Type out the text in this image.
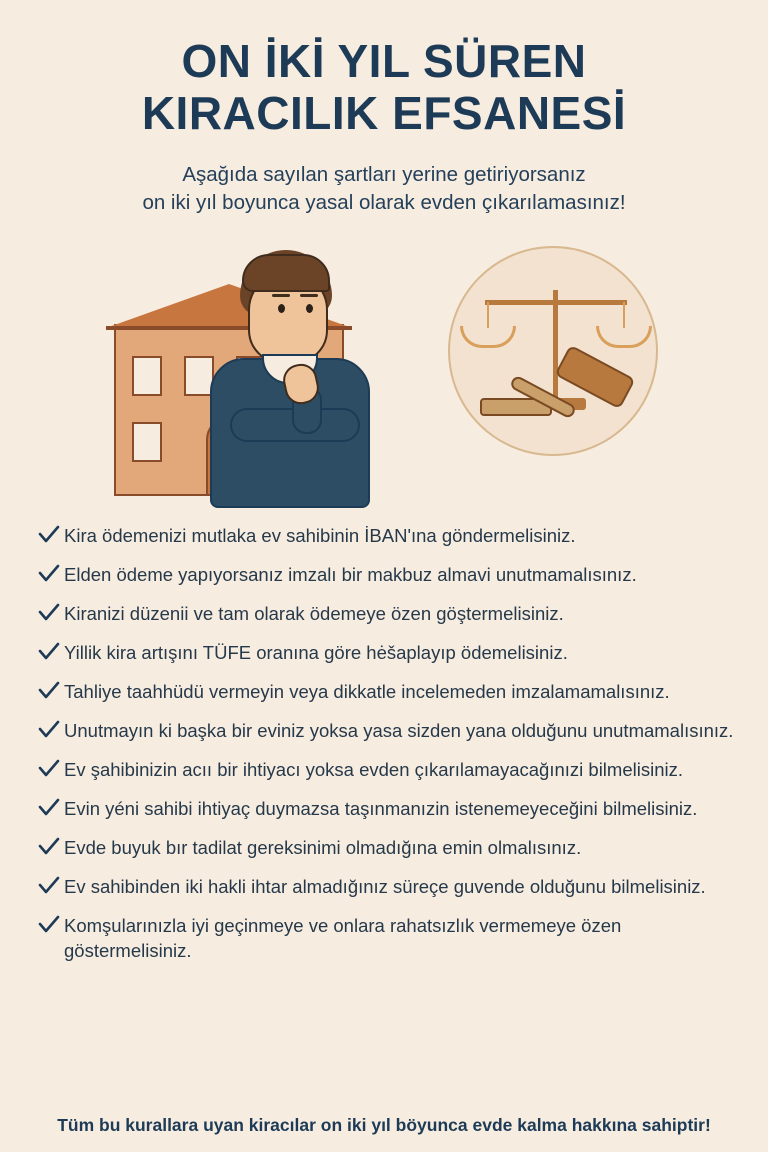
ON İKİ YIL SÜREN
KIRACILIK EFSANESİ
Aşağıda sayılan şartları yerine getiriyorsanız
on iki yıl boyunca yasal olarak evden çıkarılamasınız!
Kira ödemenizi mutlaka ev sahibinin İBAN'ına göndermelisiniz.
Elden ödeme yapıyorsanız imzalı bir makbuz almavi unutmamalısınız.
Kiranizi düzenii ve tam olarak ödemeye özen göştermelisiniz.
Yillik kira artışını TÜFE oranına göre hėšaplayıp ödemelisiniz.
Tahliye taahhüdü vermeyin veya dikkatle incelemeden imzalamamalısınız.
Unutmayın ki başka bir eviniz yoksa yasa sizden yana olduğunu unutmamalısınız.
Ev şahibinizin acıı bir ihtiyacı yoksa evden çıkarılamayacağınızi bilmelisiniz.
Evin yéni sahibi ihtiyaç duymazsa taşınmanızin istenemeyeceğini bilmelisiniz.
Evde buyuk bır tadilat gereksinimi olmadığına emin olmalısınız.
Ev sahibinden iki hakli ihtar almadığınız süreçe guvende olduğunu bilmelisiniz.
Komşularınızla iyi geçinmeye ve onlara rahatsızlık vermemeye özen göstermelisiniz.
Tüm bu kurallara uyan kiracılar on iki yıl böyunca evde kalma hakkına sahiptir!
